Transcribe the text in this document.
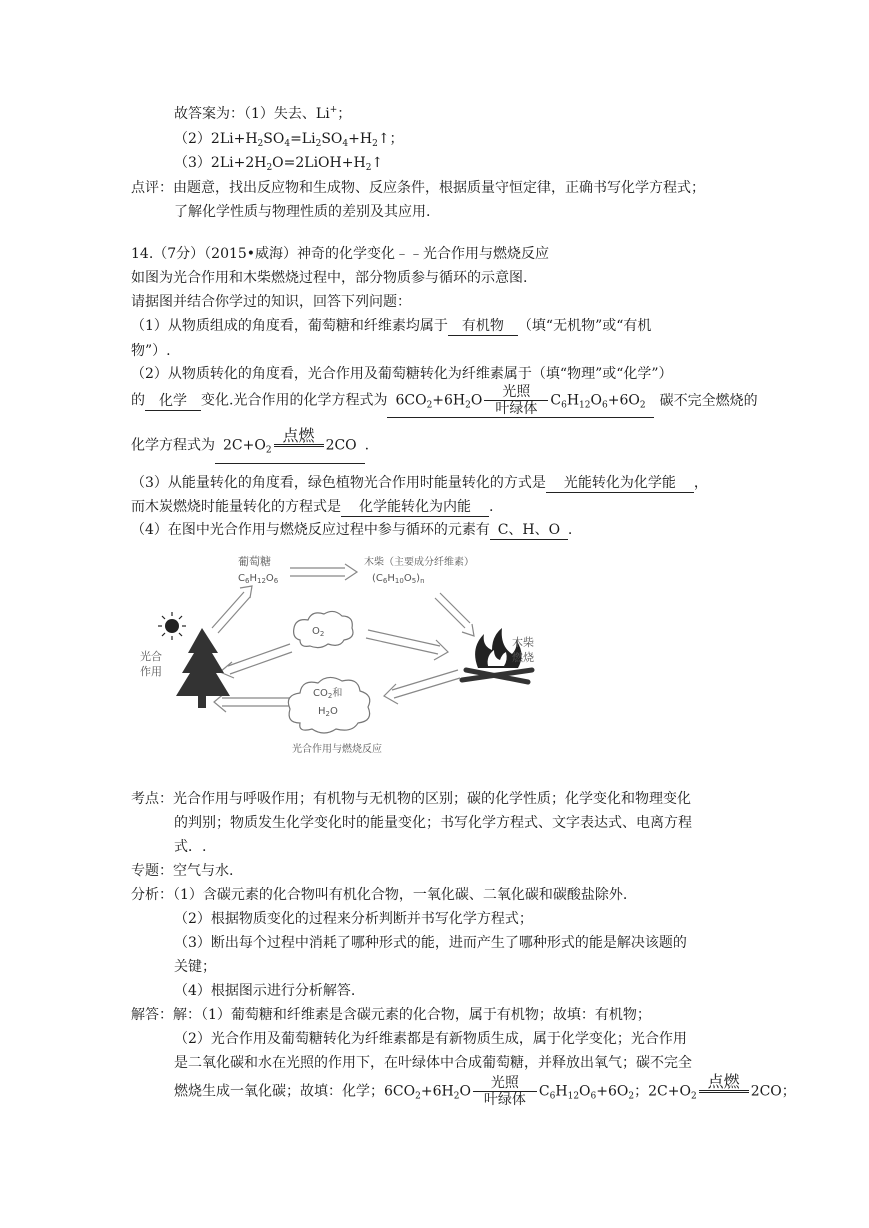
故答案为：（1）失去、Li+；
$(2)2Li+H_2SO_4=Li_2SO_4+H_2↑$；
$(3)2Li+2H_2O=2LiOH+H_2↑$
点评：由题意，找出反应物和生成物、反应条件，根据质量守恒定律，正确书写化学方程式；
了解化学性质与物理性质的差别及其应用.
14.（7分）（2015•威海）神奇的化学变化﹣﹣光合作用与燃烧反应
如图为光合作用和木柴燃烧过程中，部分物质参与循环的示意图.
请据图并结合你学过的知识，回答下列问题：
（1）从物质组成的角度看，葡萄糖和纤维素均属于 有机物 （填“无机物”或“有机
物”）.
（2）从物质转化的角度看，光合作用及葡萄糖转化为纤维素属于（填“物理”或“化学”）
的 化学 变化.光合作用的化学方程式为 $6CO_2+6H_2O$
光照
叶绿体
$C_6H_{12}O_6+6O_2$ 碳不完全燃烧的
化学方程式为 $2C+O_2$
点燃

2CO .
（3）从能量转化的角度看，绿色植物光合作用时能量转化的方式是 光能转化为化学能 ，
而木炭燃烧时能量转化的方程式是 化学能转化为内能 .
（4）在图中光合作用与燃烧反应过程中参与循环的元素有 C、H、O .
葡萄糖
$C_6H_{12}O_6$
木柴（主要成分纤维素）
$(C_6H_{10}O_5)_n$
光合
作用
$O_2$
$CO_2$和
$H_2O$
木柴
燃烧
光合作用与燃烧反应
考点：光合作用与呼吸作用；有机物与无机物的区别；碳的化学性质；化学变化和物理变化
的判别；物质发生化学变化时的能量变化；书写化学方程式、文字表达式、电离方程
式．.
专题：空气与水.
分析：（1）含碳元素的化合物叫有机化合物，一氧化碳、二氧化碳和碳酸盐除外.
（2）根据物质变化的过程来分析判断并书写化学方程式；
（3）断出每个过程中消耗了哪种形式的能，进而产生了哪种形式的能是解决该题的
关键；
（4）根据图示进行分析解答.
解答：解：（1）葡萄糖和纤维素是含碳元素的化合物，属于有机物；故填：有机物；
（2）光合作用及葡萄糖转化为纤维素都是有新物质生成，属于化学变化；光合作用
是二氧化碳和水在光照的作用下，在叶绿体中合成葡萄糖，并释放出氧气；碳不完全
燃烧生成一氧化碳；故填：化学；$6CO_2+6H_2O$
光照
叶绿体
$C_6H_{12}O_6+6O_2$；$2C+O_2$
点燃

2CO；
